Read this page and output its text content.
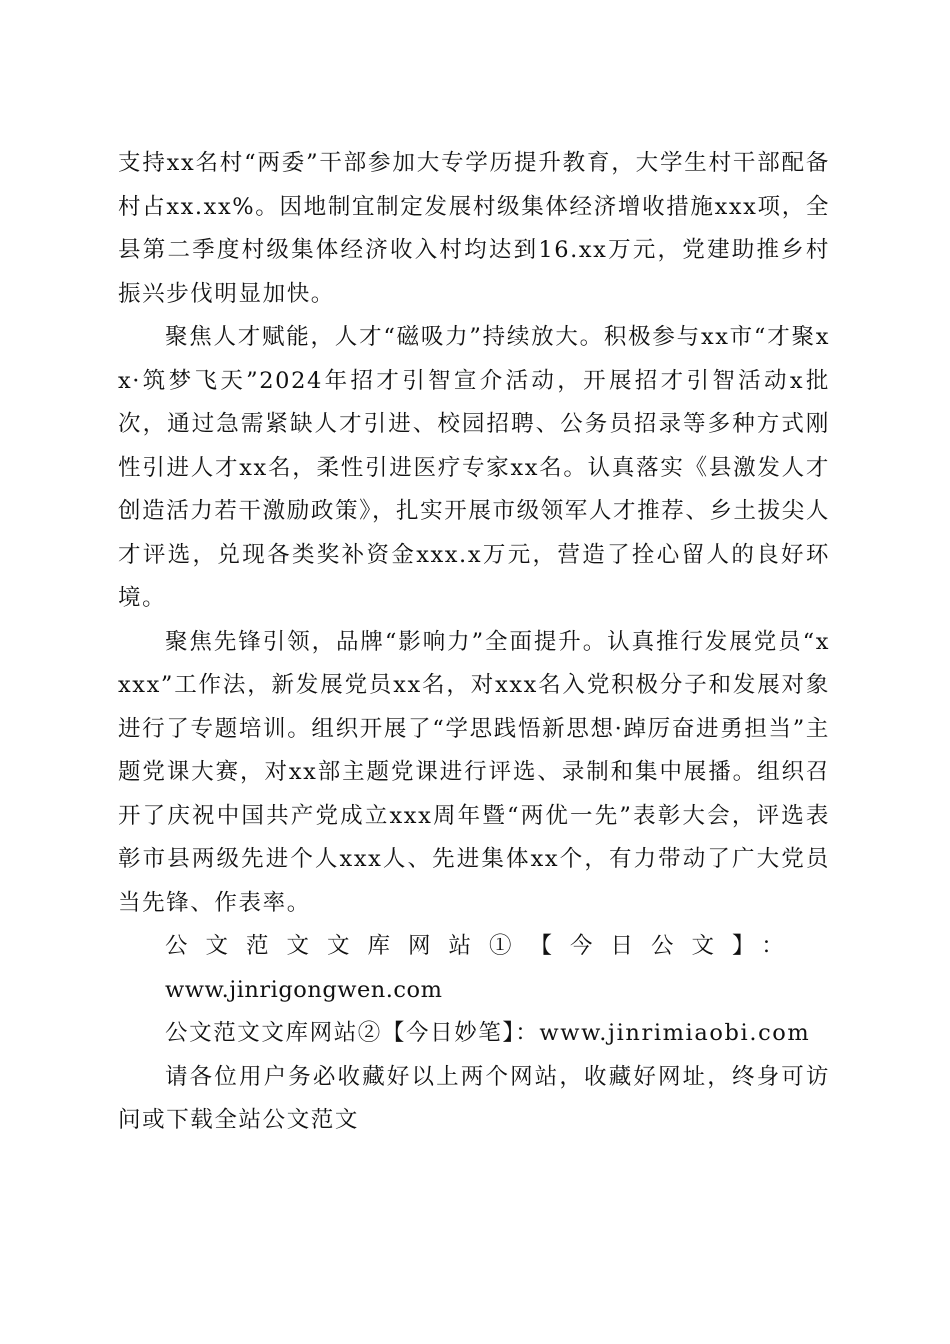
支持xx名村“两委”干部参加大专学历提升教育，大学生村干部配备村占xx.xx%。因地制宜制定发展村级集体经济增收措施xxx项，全县第二季度村级集体经济收入村均达到16.xx万元，党建助推乡村振兴步伐明显加快。

聚焦人才赋能，人才“磁吸力”持续放大。积极参与xx市“才聚xx·筑梦飞天”2024年招才引智宣介活动，开展招才引智活动x批次，通过急需紧缺人才引进、校园招聘、公务员招录等多种方式刚性引进人才xx名，柔性引进医疗专家xx名。认真落实《县激发人才创造活力若干激励政策》，扎实开展市级领军人才推荐、乡土拔尖人才评选，兑现各类奖补资金xxx.x万元，营造了拴心留人的良好环境。

聚焦先锋引领，品牌“影响力”全面提升。认真推行发展党员“xxxx”工作法，新发展党员xx名，对xxx名入党积极分子和发展对象进行了专题培训。组织开展了“学思践悟新思想·踔厉奋进勇担当”主题党课大赛，对xx部主题党课进行评选、录制和集中展播。组织召开了庆祝中国共产党成立xxx周年暨“两优一先”表彰大会，评选表彰市县两级先进个人xxx人、先进集体xx个，有力带动了广大党员当先锋、作表率。

公文范文文库网站①【今日公文】：
www.jinrigongwen.com

公文范文文库网站②【今日妙笔】：www.jinrimiaobi.com

请各位用户务必收藏好以上两个网站，收藏好网址，终身可访问或下载全站公文范文
